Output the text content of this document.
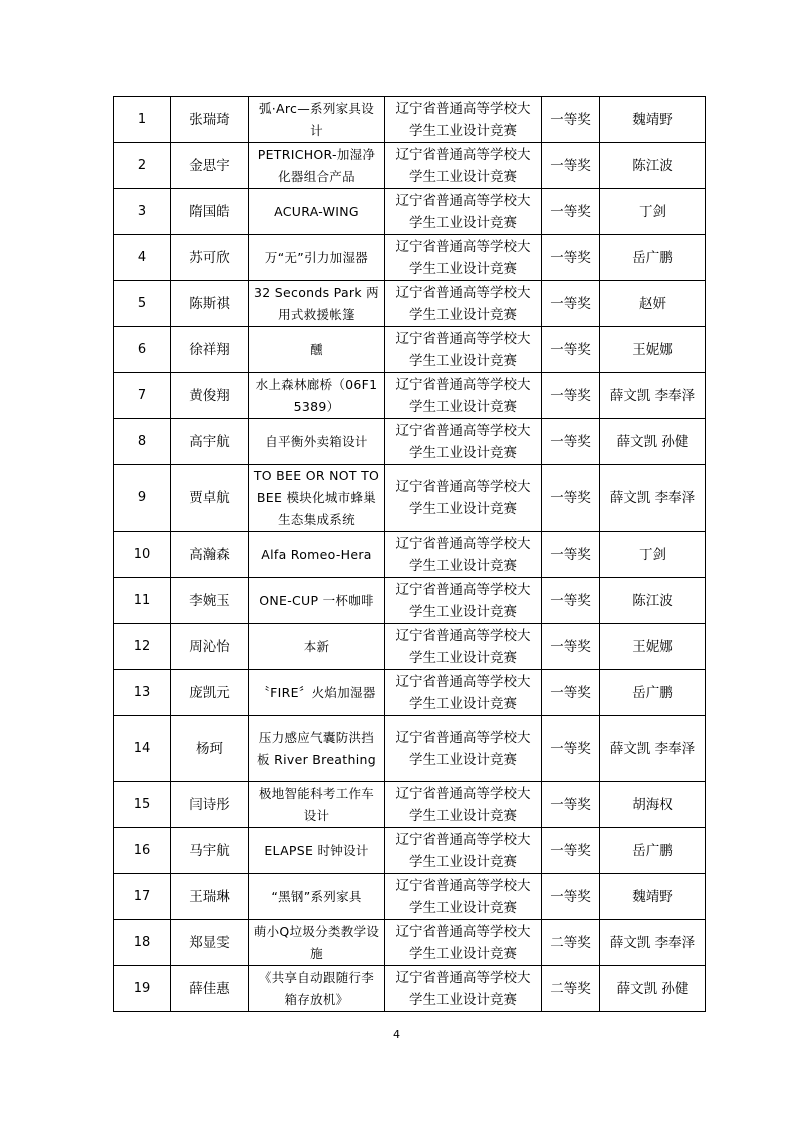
1	张瑞琦	弧·Arc—系列家具设计	辽宁省普通高等学校大学生工业设计竞赛	一等奖	魏靖野
2	金思宇	PETRICHOR-加湿净化器组合产品	辽宁省普通高等学校大学生工业设计竞赛	一等奖	陈江波
3	隋国皓	ACURA-WING	辽宁省普通高等学校大学生工业设计竞赛	一等奖	丁剑
4	苏可欣	万“无”引力加湿器	辽宁省普通高等学校大学生工业设计竞赛	一等奖	岳广鹏
5	陈斯祺	32 Seconds Park 两用式救援帐篷	辽宁省普通高等学校大学生工业设计竞赛	一等奖	赵妍
6	徐祥翔	醺	辽宁省普通高等学校大学生工业设计竞赛	一等奖	王妮娜
7	黄俊翔	水上森林廊桥（06F15389）	辽宁省普通高等学校大学生工业设计竞赛	一等奖	薛文凯 李奉泽
8	高宇航	自平衡外卖箱设计	辽宁省普通高等学校大学生工业设计竞赛	一等奖	薛文凯 孙健
9	贾卓航	TO BEE OR NOT TO BEE 模块化城市蜂巢生态集成系统	辽宁省普通高等学校大学生工业设计竞赛	一等奖	薛文凯 李奉泽
10	高瀚森	Alfa Romeo-Hera	辽宁省普通高等学校大学生工业设计竞赛	一等奖	丁剑
11	李婉玉	ONE-CUP 一杯咖啡	辽宁省普通高等学校大学生工业设计竞赛	一等奖	陈江波
12	周沁怡	本新	辽宁省普通高等学校大学生工业设计竞赛	一等奖	王妮娜
13	庞凯元	〝FIRE〞火焰加湿器	辽宁省普通高等学校大学生工业设计竞赛	一等奖	岳广鹏
14	杨珂	压力感应气囊防洪挡板 River Breathing	辽宁省普通高等学校大学生工业设计竞赛	一等奖	薛文凯 李奉泽
15	闫诗彤	极地智能科考工作车设计	辽宁省普通高等学校大学生工业设计竞赛	一等奖	胡海权
16	马宇航	ELAPSE 时钟设计	辽宁省普通高等学校大学生工业设计竞赛	一等奖	岳广鹏
17	王瑞琳	“黑钢”系列家具	辽宁省普通高等学校大学生工业设计竞赛	一等奖	魏靖野
18	郑显雯	萌小Q垃圾分类教学设施	辽宁省普通高等学校大学生工业设计竞赛	二等奖	薛文凯 李奉泽
19	薛佳惠	《共享自动跟随行李箱存放机》	辽宁省普通高等学校大学生工业设计竞赛	二等奖	薛文凯 孙健
4
